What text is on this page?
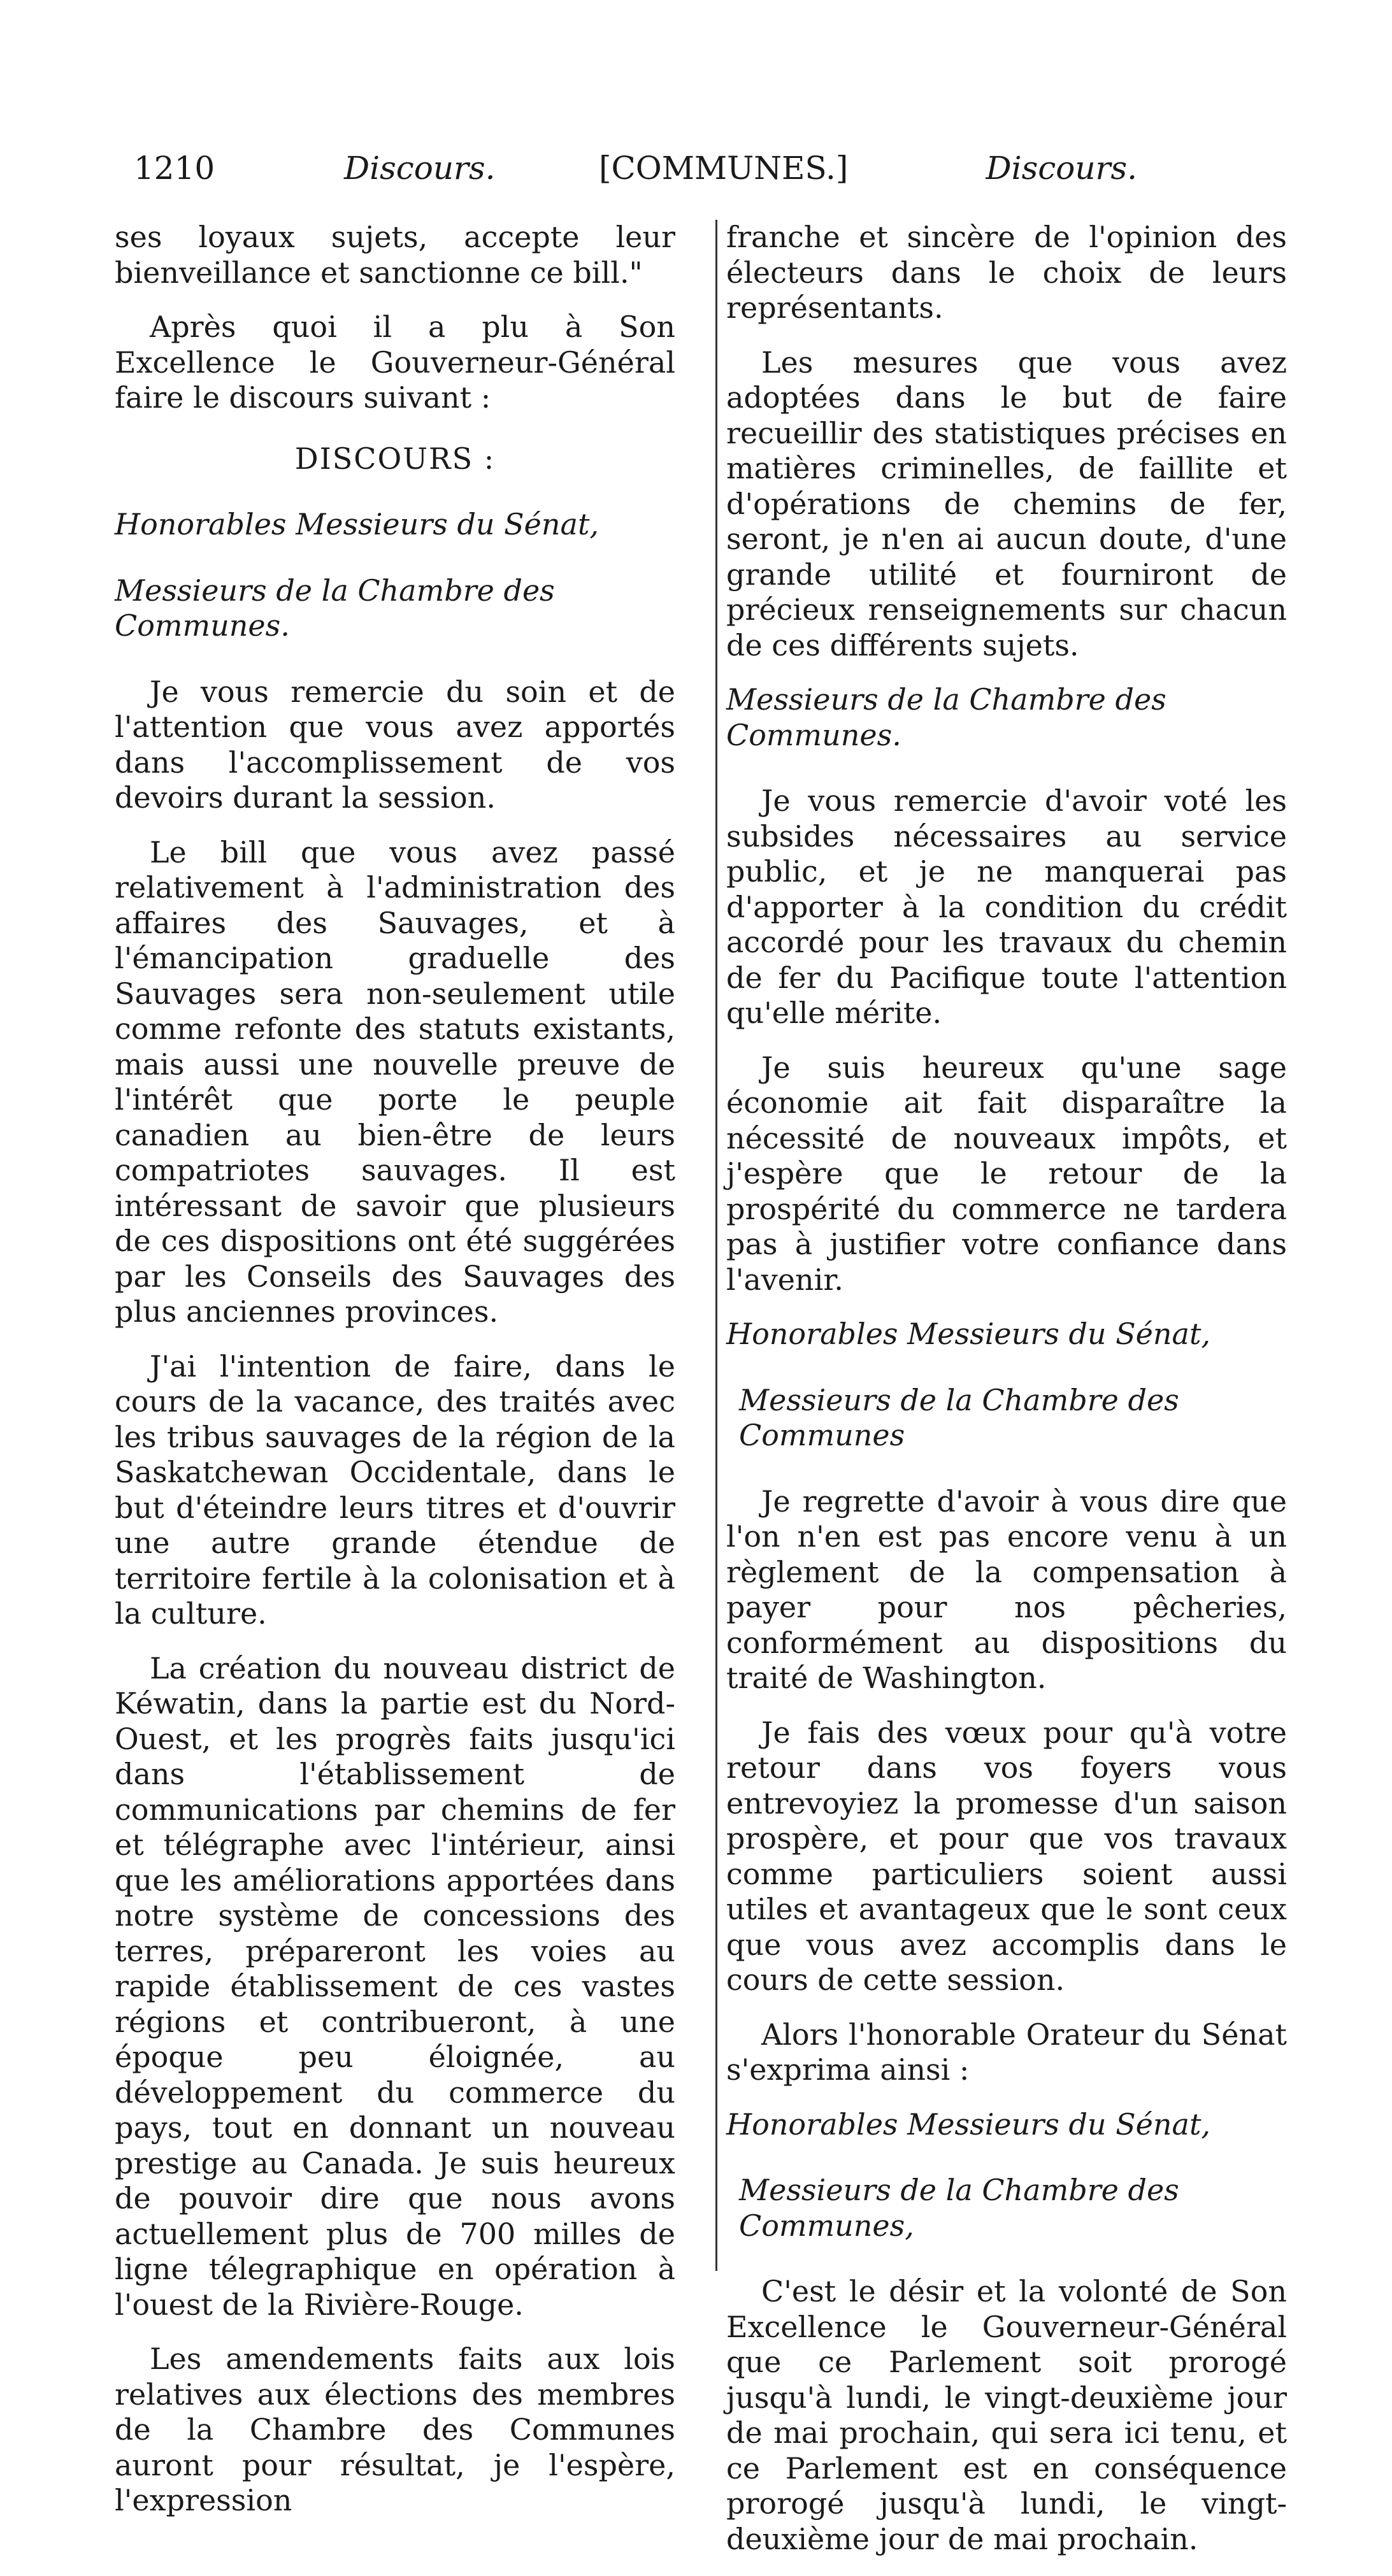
1210	Discours.	[COMMUNES.]	Discours.

ses loyaux sujets, accepte leur bienveillance et sanctionne ce bill."

Après quoi il a plu à Son Excellence le Gouverneur-Général faire le discours suivant :

DISCOURS :

Honorables Messieurs du Sénat,

Messieurs de la Chambre des Communes.

Je vous remercie du soin et de l'attention que vous avez apportés dans l'accomplissement de vos devoirs durant la session.

Le bill que vous avez passé relativement à l'administration des affaires des Sauvages, et à l'émancipation graduelle des Sauvages sera non-seulement utile comme refonte des statuts existants, mais aussi une nouvelle preuve de l'intérêt que porte le peuple canadien au bien-être de leurs compatriotes sauvages. Il est intéressant de savoir que plusieurs de ces dispositions ont été suggérées par les Conseils des Sauvages des plus anciennes provinces.

J'ai l'intention de faire, dans le cours de la vacance, des traités avec les tribus sauvages de la région de la Saskatchewan Occidentale, dans le but d'éteindre leurs titres et d'ouvrir une autre grande étendue de territoire fertile à la colonisation et à la culture.

La création du nouveau district de Kéwatin, dans la partie est du Nord-Ouest, et les progrès faits jusqu'ici dans l'établissement de communications par chemins de fer et télégraphe avec l'intérieur, ainsi que les améliorations apportées dans notre système de concessions des terres, prépareront les voies au rapide établissement de ces vastes régions et contribueront, à une époque peu éloignée, au développement du commerce du pays, tout en donnant un nouveau prestige au Canada. Je suis heureux de pouvoir dire que nous avons actuellement plus de 700 milles de ligne télegraphique en opération à l'ouest de la Rivière-Rouge.

Les amendements faits aux lois relatives aux élections des membres de la Chambre des Communes auront pour résultat, je l'espère, l'expression

franche et sincère de l'opinion des électeurs dans le choix de leurs représentants.

Les mesures que vous avez adoptées dans le but de faire recueillir des statistiques précises en matières criminelles, de faillite et d'opérations de chemins de fer, seront, je n'en ai aucun doute, d'une grande utilité et fourniront de précieux renseignements sur chacun de ces différents sujets.

Messieurs de la Chambre des Communes.

Je vous remercie d'avoir voté les subsides nécessaires au service public, et je ne manquerai pas d'apporter à la condition du crédit accordé pour les travaux du chemin de fer du Pacifique toute l'attention qu'elle mérite.

Je suis heureux qu'une sage économie ait fait disparaître la nécessité de nouveaux impôts, et j'espère que le retour de la prospérité du commerce ne tardera pas à justifier votre confiance dans l'avenir.

Honorables Messieurs du Sénat,

Messieurs de la Chambre des Communes

Je regrette d'avoir à vous dire que l'on n'en est pas encore venu à un règlement de la compensation à payer pour nos pêcheries, conformément au dispositions du traité de Washington.

Je fais des vœux pour qu'à votre retour dans vos foyers vous entrevoyiez la promesse d'un saison prospère, et pour que vos travaux comme particuliers soient aussi utiles et avantageux que le sont ceux que vous avez accomplis dans le cours de cette session.

Alors l'honorable Orateur du Sénat s'exprima ainsi :

Honorables Messieurs du Sénat,

Messieurs de la Chambre des Communes,

C'est le désir et la volonté de Son Excellence le Gouverneur-Général que ce Parlement soit prorogé jusqu'à lundi, le vingt-deuxième jour de mai prochain, qui sera ici tenu, et ce Parlement est en conséquence prorogé jusqu'à lundi, le vingt-deuxième jour de mai prochain.
